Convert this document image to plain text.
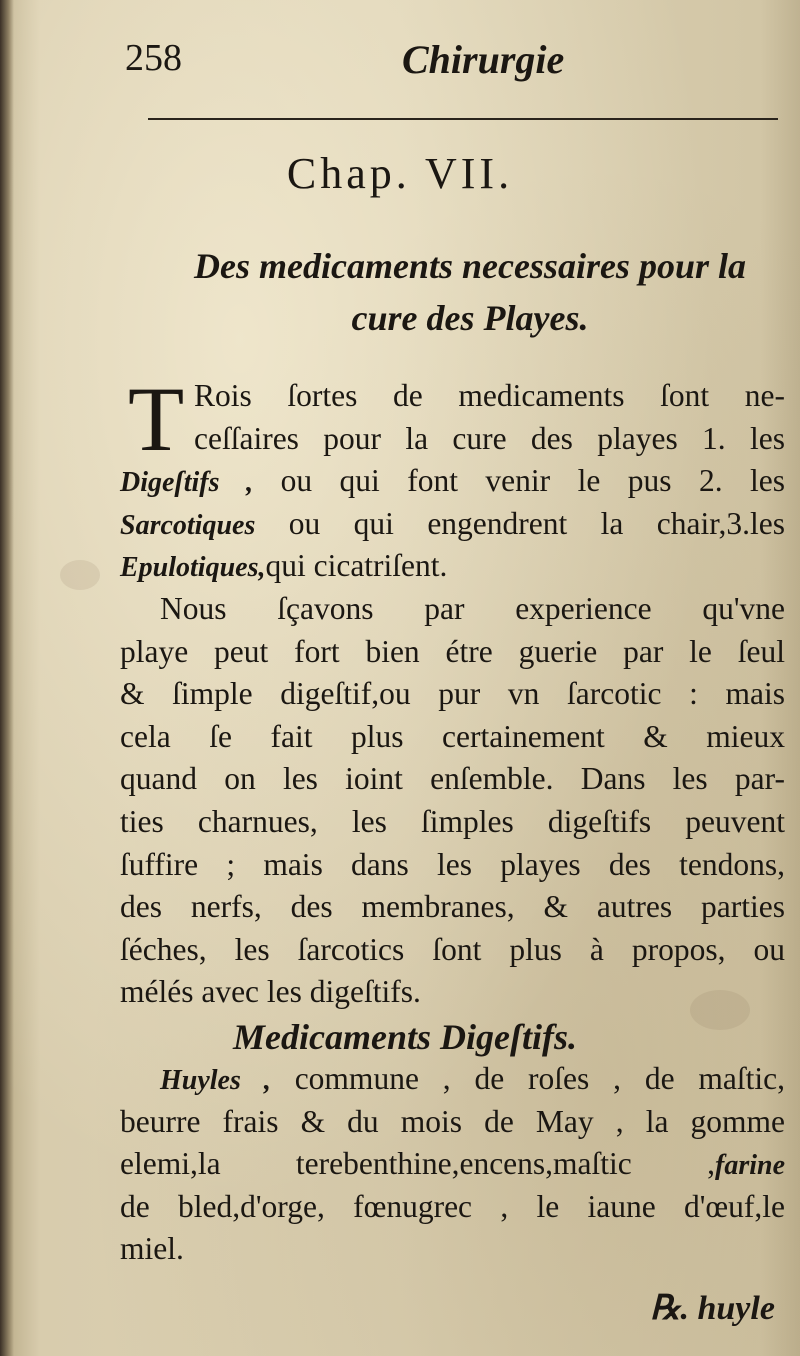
258	Chirurgie
Chap. VII.
Des medicaments necessaires pour la
cure des Playes.
T Rois ſortes de medicaments ſont ne-
ceſſaires pour la cure des playes 1. les
Digeſtifs , ou qui font venir le pus 2. les
Sarcotiques ou qui engendrent la chair,3.les
Epulotiques,qui cicatriſent.
Nous ſçavons par experience qu'vne
playe peut fort bien étre guerie par le ſeul
& ſimple digeſtif,ou pur vn ſarcotic : mais
cela ſe fait plus certainement & mieux
quand on les ioint enſemble. Dans les par-
ties charnues, les ſimples digeſtifs peuvent
ſuffire ; mais dans les playes des tendons,
des nerfs, des membranes, & autres parties
ſéches, les ſarcotics ſont plus à propos, ou
mélés avec les digeſtifs.
Medicaments Digeſtifs.
Huyles , commune , de roſes , de maſtic,
beurre frais & du mois de May , la gomme
elemi,la terebenthine,encens,maſtic ,farine
de bled,d'orge, fœnugrec , le iaune d'œuf,le
miel.
℞. huyle
